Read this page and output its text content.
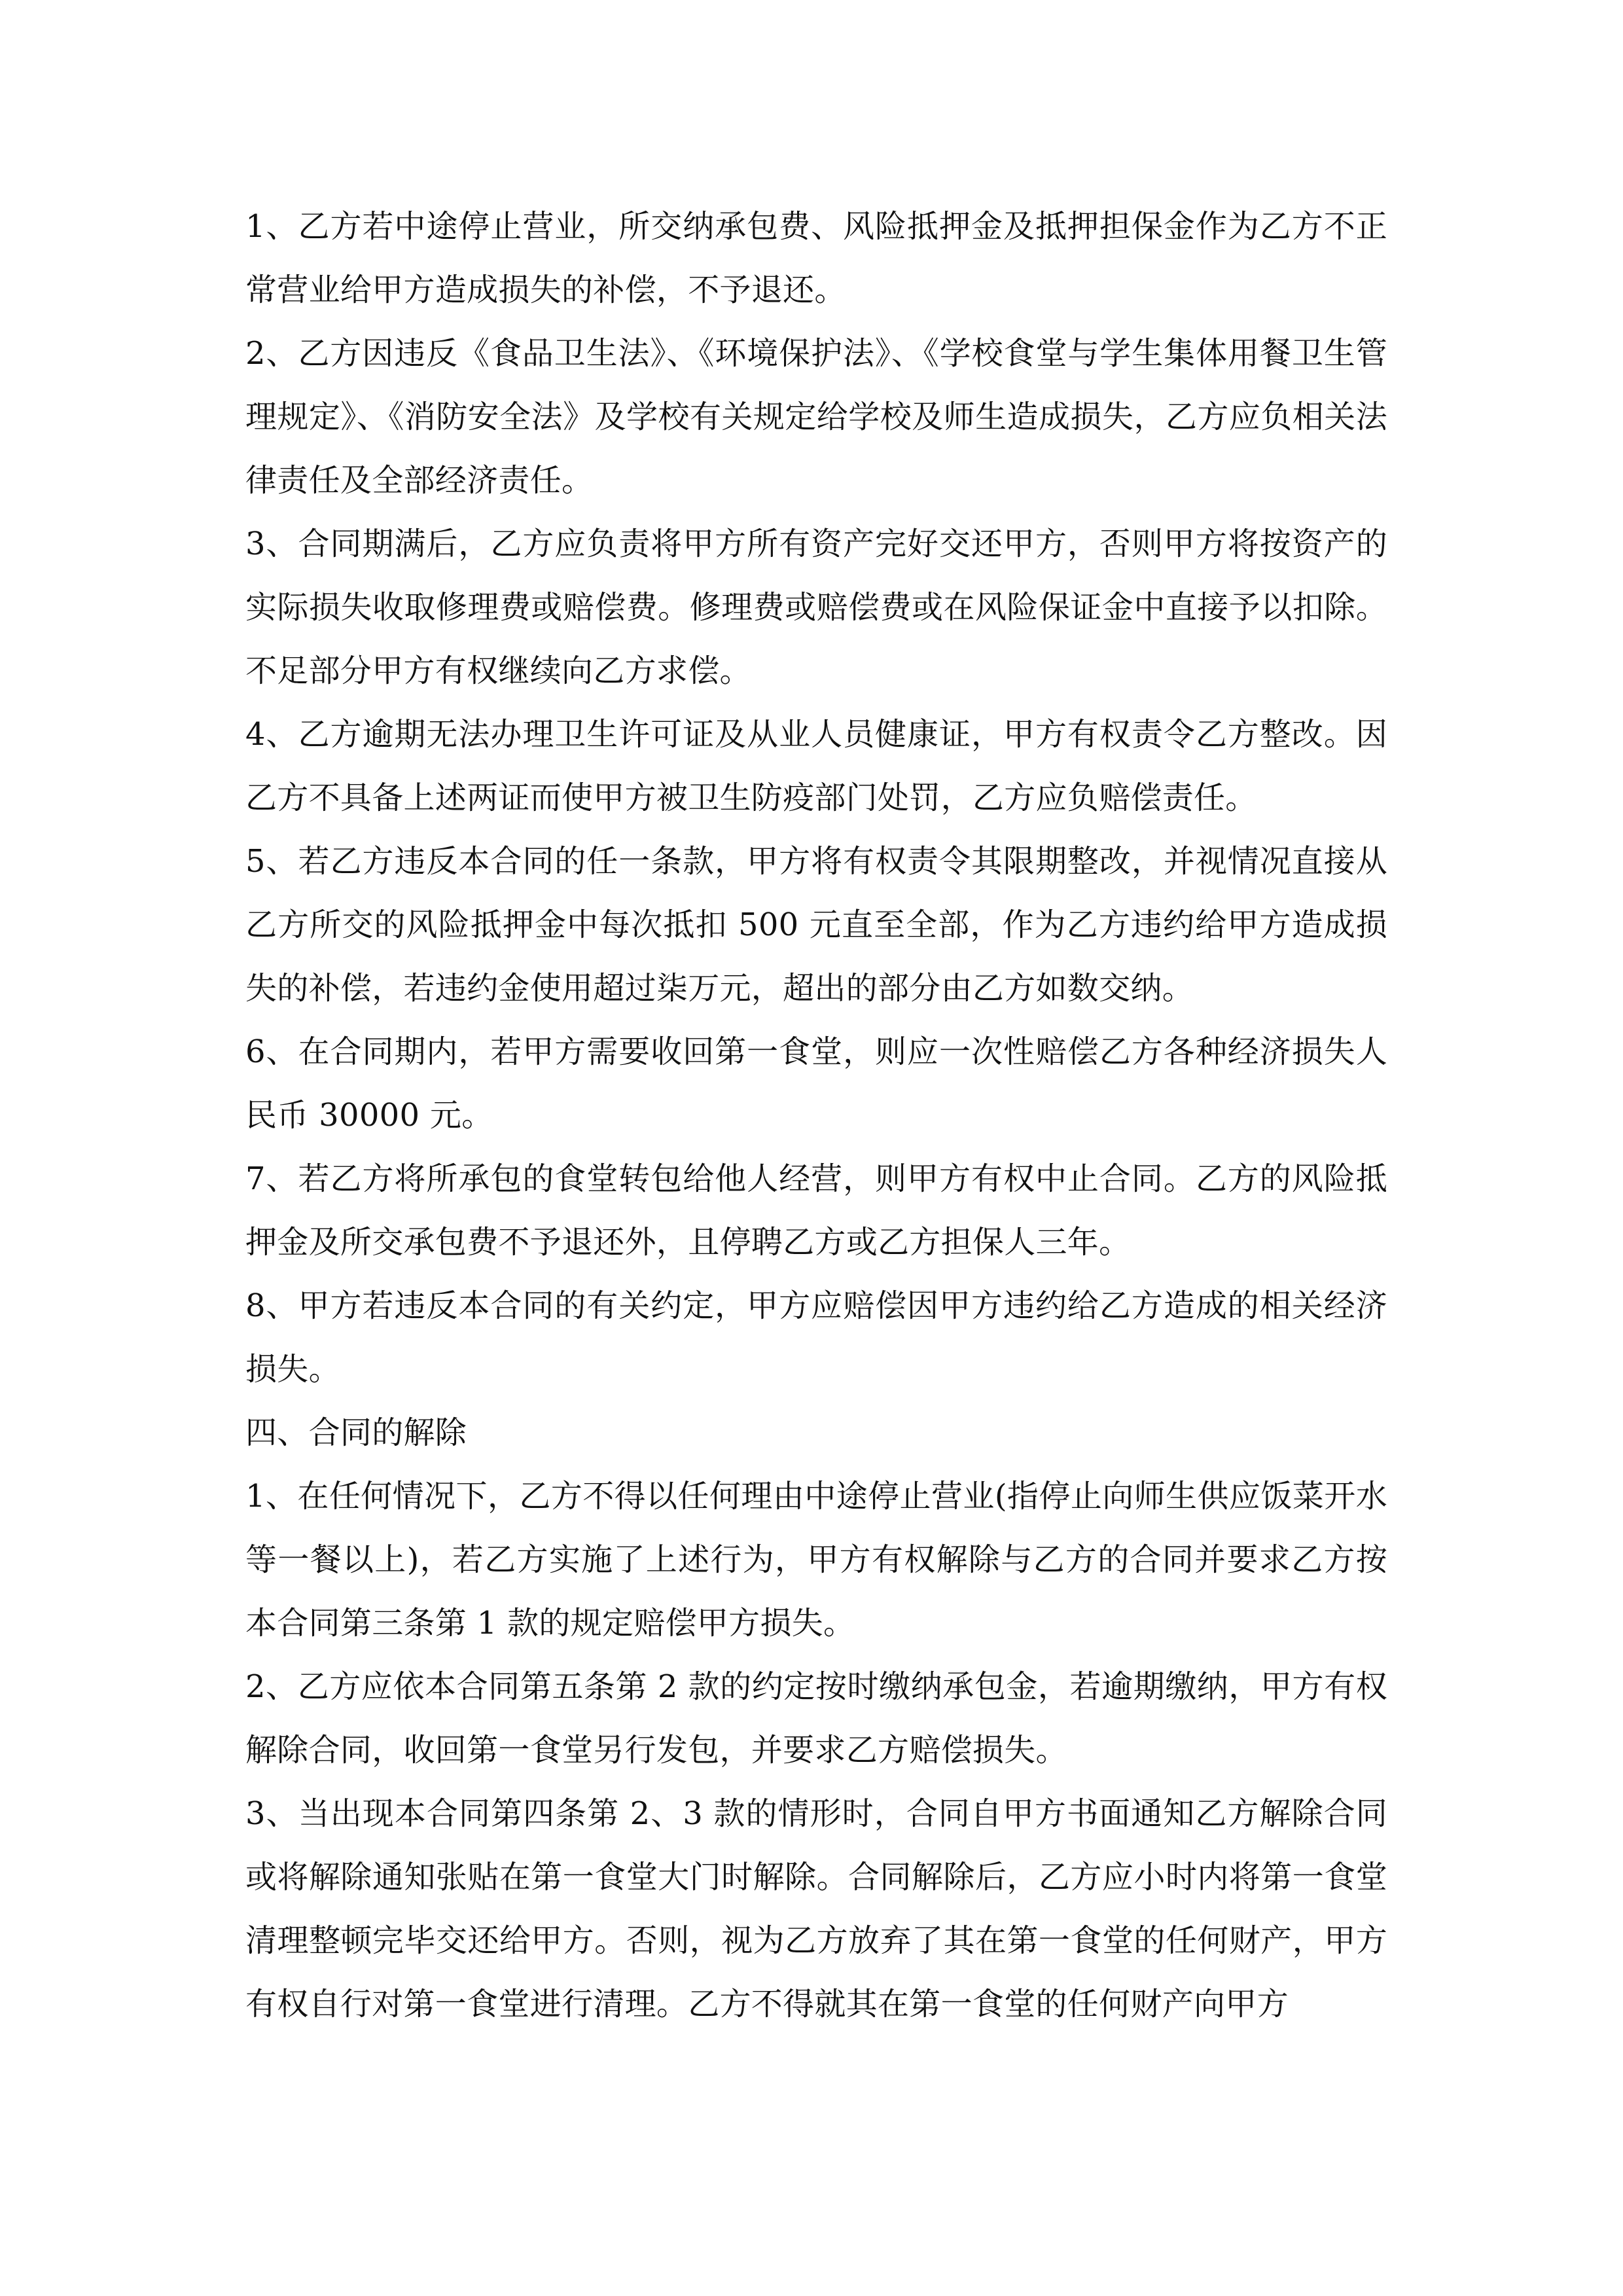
1、乙方若中途停止营业，所交纳承包费、风险抵押金及抵押担保金作为乙方不正常营业给甲方造成损失的补偿，不予退还。

2、乙方因违反《食品卫生法》、《环境保护法》、《学校食堂与学生集体用餐卫生管理规定》、《消防安全法》及学校有关规定给学校及师生造成损失，乙方应负相关法律责任及全部经济责任。

3、合同期满后，乙方应负责将甲方所有资产完好交还甲方，否则甲方将按资产的实际损失收取修理费或赔偿费。修理费或赔偿费或在风险保证金中直接予以扣除。不足部分甲方有权继续向乙方求偿。

4、乙方逾期无法办理卫生许可证及从业人员健康证，甲方有权责令乙方整改。因乙方不具备上述两证而使甲方被卫生防疫部门处罚，乙方应负赔偿责任。

5、若乙方违反本合同的任一条款，甲方将有权责令其限期整改，并视情况直接从乙方所交的风险抵押金中每次抵扣 500 元直至全部，作为乙方违约给甲方造成损失的补偿，若违约金使用超过柒万元，超出的部分由乙方如数交纳。

6、在合同期内，若甲方需要收回第一食堂，则应一次性赔偿乙方各种经济损失人民币 30000 元。

7、若乙方将所承包的食堂转包给他人经营，则甲方有权中止合同。乙方的风险抵押金及所交承包费不予退还外，且停聘乙方或乙方担保人三年。

8、甲方若违反本合同的有关约定，甲方应赔偿因甲方违约给乙方造成的相关经济损失。

四、合同的解除

1、在任何情况下，乙方不得以任何理由中途停止营业(指停止向师生供应饭菜开水等一餐以上)，若乙方实施了上述行为，甲方有权解除与乙方的合同并要求乙方按本合同第三条第 1 款的规定赔偿甲方损失。

2、乙方应依本合同第五条第 2 款的约定按时缴纳承包金，若逾期缴纳，甲方有权解除合同，收回第一食堂另行发包，并要求乙方赔偿损失。

3、当出现本合同第四条第 2、3 款的情形时，合同自甲方书面通知乙方解除合同或将解除通知张贴在第一食堂大门时解除。合同解除后，乙方应小时内将第一食堂清理整顿完毕交还给甲方。否则，视为乙方放弃了其在第一食堂的任何财产，甲方有权自行对第一食堂进行清理。乙方不得就其在第一食堂的任何财产向甲方
